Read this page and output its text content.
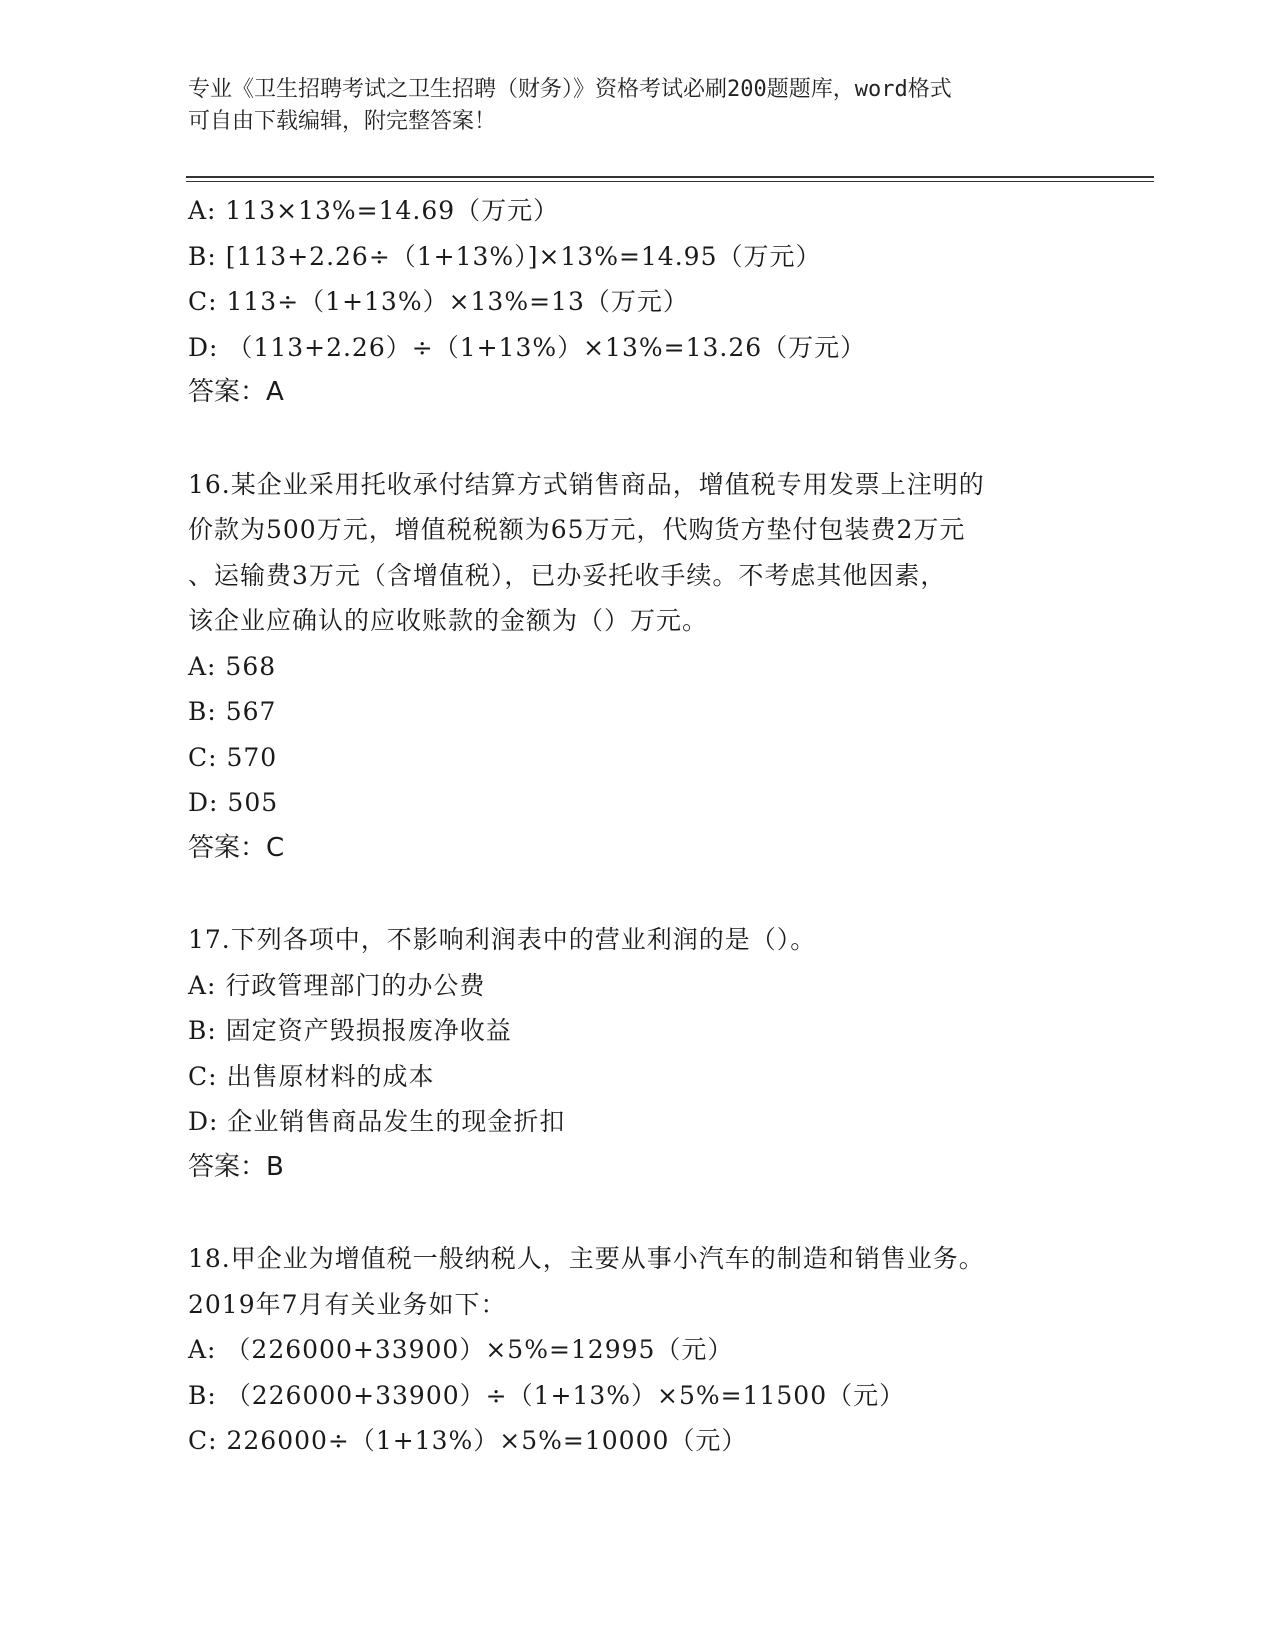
专业《卫生招聘考试之卫生招聘（财务）》资格考试必刷200题题库，word格式
可自由下载编辑，附完整答案！
A: 113×13%=14.69（万元）
B: [113+2.26÷（1+13%）]×13%=14.95（万元）
C: 113÷（1+13%）×13%=13（万元）
D: （113+2.26）÷（1+13%）×13%=13.26（万元）
答案：A
16.某企业采用托收承付结算方式销售商品，增值税专用发票上注明的
价款为500万元，增值税税额为65万元，代购货方垫付包装费2万元
、运输费3万元（含增值税），已办妥托收手续。不考虑其他因素，
该企业应确认的应收账款的金额为（）万元。
A: 568
B: 567
C: 570
D: 505
答案：C
17.下列各项中，不影响利润表中的营业利润的是（）。
A: 行政管理部门的办公费
B: 固定资产毁损报废净收益
C: 出售原材料的成本
D: 企业销售商品发生的现金折扣
答案：B
18.甲企业为增值税一般纳税人，主要从事小汽车的制造和销售业务。
2019年7月有关业务如下：
A: （226000+33900）×5%=12995（元）
B: （226000+33900）÷（1+13%）×5%=11500（元）
C: 226000÷（1+13%）×5%=10000（元）
